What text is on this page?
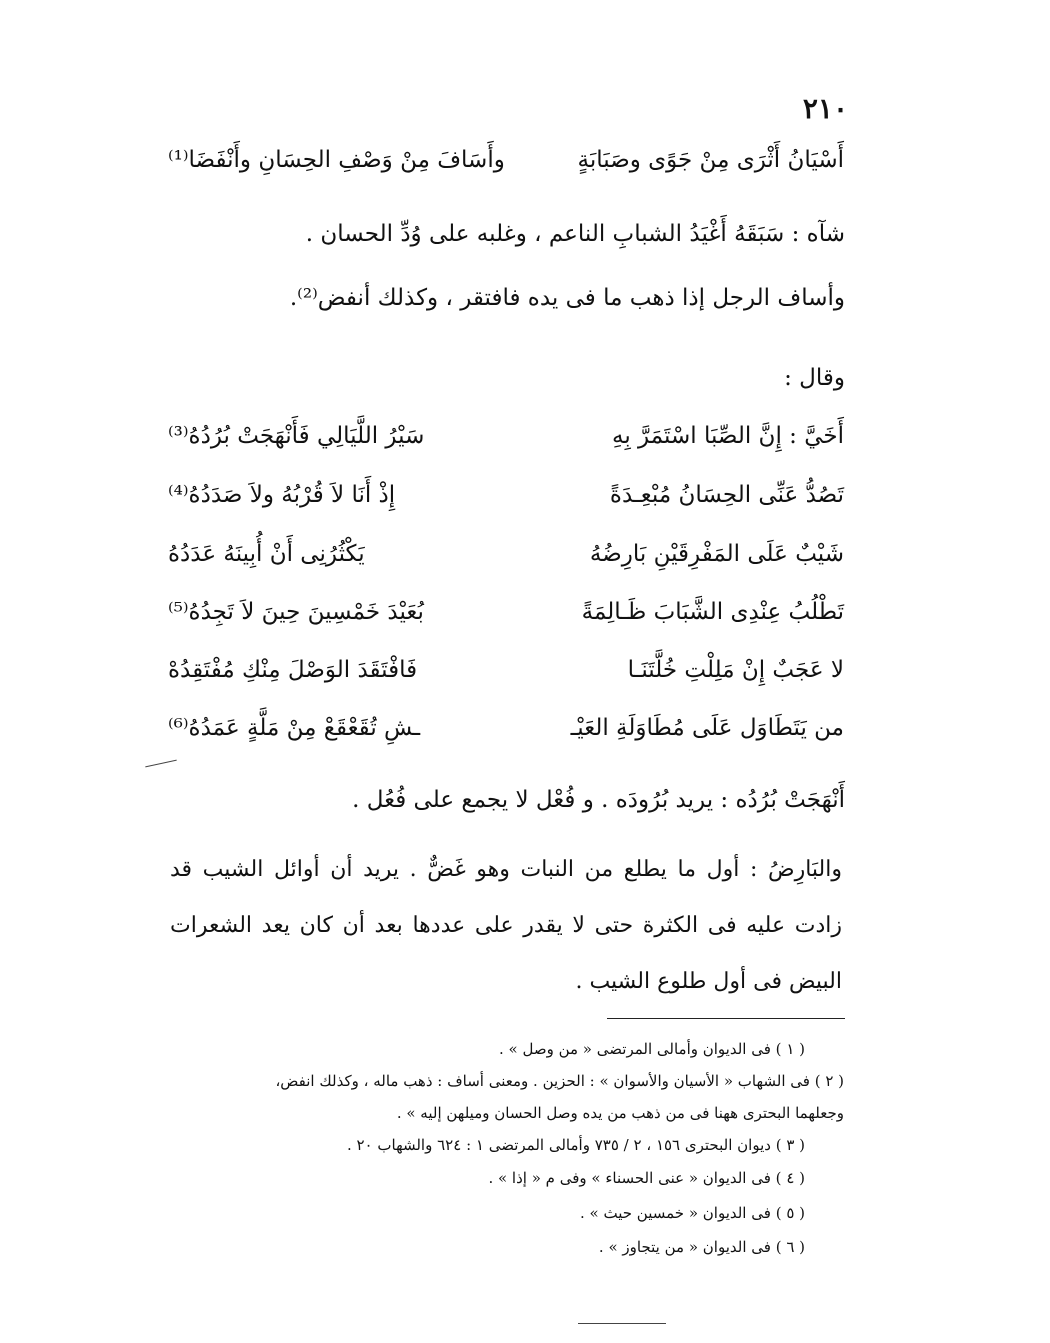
٢١٠
أَسْيَانُ أَثْرَى مِنْ جَوًى وصَبَابَةٍ
وأَسَافَ مِنْ وَصْفِ الحِسَانِ وأَنْفَضَا⁽¹⁾
شآه : سَبَقَهُ أَغْيَدُ الشبابِ الناعم ، وغلبه على وُدِّ الحسان .
وأساف الرجل إذا ذهب ما فى يده فافتقر ، وكذلك أنفض⁽²⁾.
وقال :
أَخَيَّ : إِنَّ الصِّبَا اسْتَمَرَّ بِهِ
سَيْرُ اللَّيَالِي فَأَنْهَجَتْ بُرُدُهُ⁽³⁾
تَصُدُّ عَنِّى الحِسَانُ مُبْعِـدَةً
إِذْ أَنَا لاَ قُرْبُهُ ولاَ صَدَدُهُ⁽⁴⁾
شَيْبٌ عَلَى المَفْرِقَيْنِ بَارِضُهُ
يَكْثُرُنِى أَنْ أُبِينَهُ عَدَدُهُ
تَطْلُبُ عِنْدِى الشَّبَابَ ظَـالِمَةً
بُعَيْدَ خَمْسِينَ حِينَ لاَ تَجِدُهُ⁽⁵⁾
لا عَجَبٌ إِنْ مَلِلْتِ خُلَّتَنَـا
فَافْتَقَدَ الوَصْلَ مِنْكِ مُفْتَقِدُهْ
من يَتَطَاوَل عَلَى مُطَاوَلَةِ العَيْـ
ـشِ تُقَعْقَعْ مِنْ مَلَّةٍ عَمَدُهُ⁽⁶⁾
أَنْهَجَتْ بُرُدُه : يريد بُرُودَه . و فُعْل لا يجمع على فُعُل .
والبَارِضُ : أول ما يطلع من النبات وهو غَضٌّ . يريد أن أوائل الشيب قد زادت عليه فى الكثرة حتى لا يقدر على عددها بعد أن كان يعد الشعرات البيض فى أول طلوع الشيب .
( ١ ) فى الديوان وأمالى المرتضى « من وصل » .
( ٢ ) فى الشهاب « الأسيان والأسوان » : الحزين . ومعنى أساف : ذهب ماله ، وكذلك انفض،
وجعلهما البحترى ههنا فى من ذهب من يده وصل الحسان وميلهن إليه » .
( ٣ ) ديوان البحترى ١٥٦ ، ٢ / ٧٣٥ وأمالى المرتضى ١ : ٦٢٤ والشهاب ٢٠ .
( ٤ ) فى الديوان « عنى الحسناء » وفى م « إذا » .
( ٥ ) فى الديوان « خمسين حيث » .
( ٦ ) فى الديوان « من يتجاوز » .
